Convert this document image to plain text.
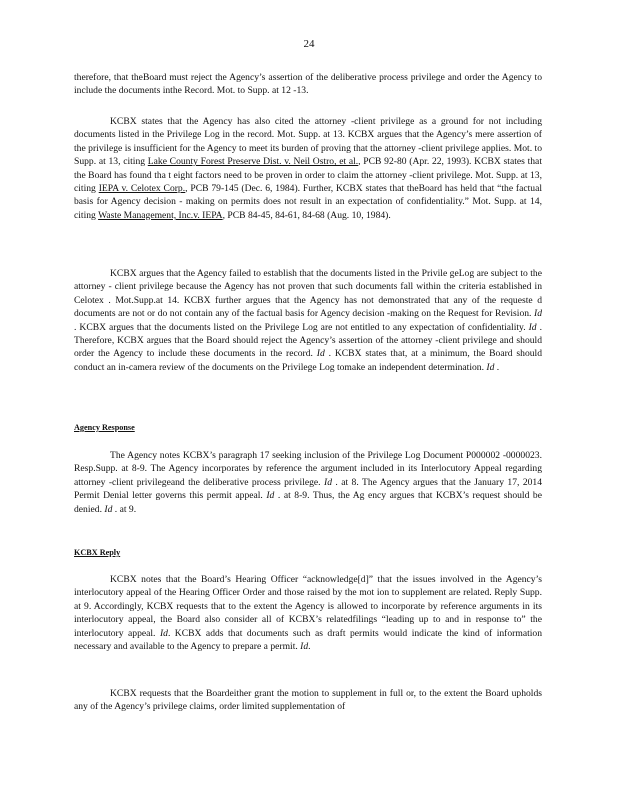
24

therefore, that theBoard must reject the Agency’s assertion of the deliberative process privilege and order the Agency to include the documents inthe Record. Mot. to Supp. at 12 -13.

KCBX states that the Agency has also cited the attorney -client privilege as a ground for not including documents listed in the Privilege Log in the record. Mot. Supp. at 13. KCBX argues that the Agency’s mere assertion of the privilege is insufficient for the Agency to meet its burden of proving that the attorney -client privilege applies. Mot. to Supp. at 13, citing Lake County Forest Preserve Dist. v. Neil Ostro, et al., PCB 92-80 (Apr. 22, 1993). KCBX states that the Board has found tha t eight factors need to be proven in order to claim the attorney -client privilege. Mot. Supp. at 13, citing IEPA v. Celotex Corp., PCB 79-145 (Dec. 6, 1984). Further, KCBX states that theBoard has held that “the factual basis for Agency decision - making on permits does not result in an expectation of confidentiality.” Mot. Supp. at 14, citing Waste Management, Inc.v. IEPA, PCB 84-45, 84-61, 84-68 (Aug. 10, 1984).

KCBX argues that the Agency failed to establish that the documents listed in the Privile geLog are subject to the attorney - client privilege because the Agency has not proven that such documents fall within the criteria established in Celotex . Mot.Supp.at 14. KCBX further argues that the Agency has not demonstrated that any of the requeste d documents are not or do not contain any of the factual basis for Agency decision -making on the Request for Revision. Id . KCBX argues that the documents listed on the Privilege Log are not entitled to any expectation of confidentiality. Id . Therefore, KCBX argues that the Board should reject the Agency’s assertion of the attorney -client privilege and should order the Agency to include these documents in the record. Id . KCBX states that, at a minimum, the Board should conduct an in-camera review of the documents on the Privilege Log tomake an independent determination. Id .

Agency Response

The Agency notes KCBX’s paragraph 17 seeking inclusion of the Privilege Log Document P000002 -0000023. Resp.Supp. at 8-9. The Agency incorporates by reference the argument included in its Interlocutory Appeal regarding attorney -client privilegeand the deliberative process privilege. Id . at 8. The Agency argues that the January 17, 2014 Permit Denial letter governs this permit appeal. Id . at 8-9. Thus, the Ag ency argues that KCBX’s request should be denied. Id . at 9.

KCBX Reply

KCBX notes that the Board’s Hearing Officer “acknowledge[d]” that the issues involved in the Agency’s interlocutory appeal of the Hearing Officer Order and those raised by the mot ion to supplement are related. Reply Supp. at 9. Accordingly, KCBX requests that to the extent the Agency is allowed to incorporate by reference arguments in its interlocutory appeal, the Board also consider all of KCBX’s relatedfilings “leading up to and in response to” the interlocutory appeal. Id. KCBX adds that documents such as draft permits would indicate the kind of information necessary and available to the Agency to prepare a permit. Id.

KCBX requests that the Boardeither grant the motion to supplement in full or, to the extent the Board upholds any of the Agency’s privilege claims, order limited supplementation of
